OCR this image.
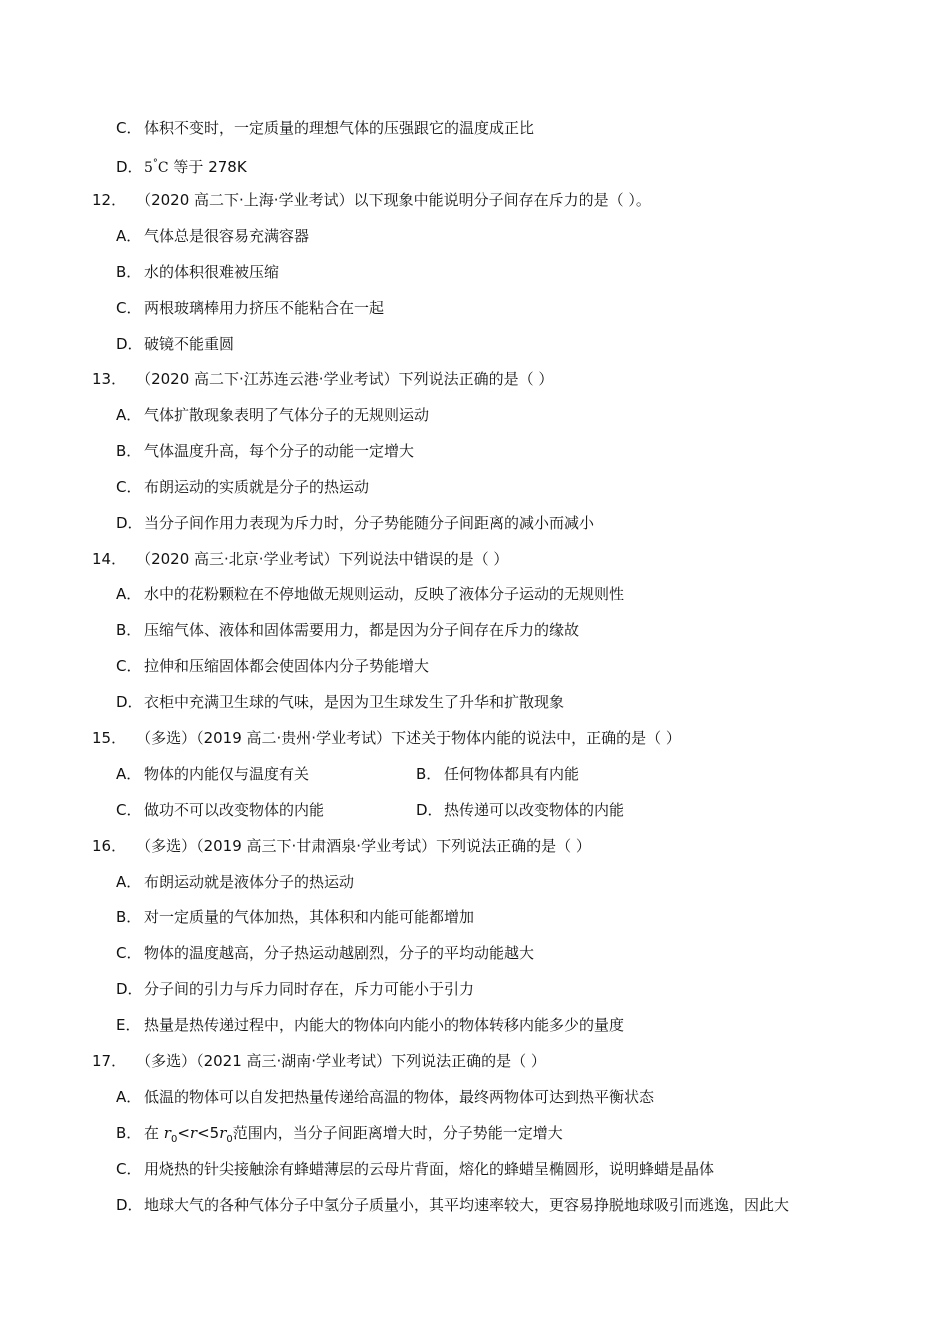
C． 体积不变时，一定质量的理想气体的压强跟它的温度成正比
D．5°C 等于 278K
12． （2020 高二下·上海·学业考试）以下现象中能说明分子间存在斥力的是（ ）。
A． 气体总是很容易充满容器
B． 水的体积很难被压缩
C． 两根玻璃棒用力挤压不能粘合在一起
D．破镜不能重圆
13． （2020 高二下·江苏连云港·学业考试）下列说法正确的是（ ）
A． 气体扩散现象表明了气体分子的无规则运动
B． 气体温度升高，每个分子的动能一定增大
C． 布朗运动的实质就是分子的热运动
D．当分子间作用力表现为斥力时，分子势能随分子间距离的减小而减小
14． （2020 高三·北京·学业考试）下列说法中错误的是（ ）
A． 水中的花粉颗粒在不停地做无规则运动，反映了液体分子运动的无规则性
B． 压缩气体、液体和固体需要用力，都是因为分子间存在斥力的缘故
C． 拉伸和压缩固体都会使固体内分子势能增大
D．衣柜中充满卫生球的气味，是因为卫生球发生了升华和扩散现象
15． （多选）（2019 高二·贵州·学业考试）下述关于物体内能的说法中，正确的是（ ）
A． 物体的内能仅与温度有关	B． 任何物体都具有内能
C． 做功不可以改变物体的内能	D．热传递可以改变物体的内能
16． （多选）（2019 高三下·甘肃酒泉·学业考试）下列说法正确的是（ ）
A． 布朗运动就是液体分子的热运动
B． 对一定质量的气体加热，其体积和内能可能都增加
C． 物体的温度越高，分子热运动越剧烈，分子的平均动能越大
D．分子间的引力与斥力同时存在，斥力可能小于引力
E． 热量是热传递过程中，内能大的物体向内能小的物体转移内能多少的量度
17． （多选）（2021 高三·湖南·学业考试）下列说法正确的是（ ）
A． 低温的物体可以自发把热量传递给高温的物体，最终两物体可达到热平衡状态
B． 在 $r_0<r<5r_0$范围内，当分子间距离增大时，分子势能一定增大
C． 用烧热的针尖接触涂有蜂蜡薄层的云母片背面，熔化的蜂蜡呈椭圆形，说明蜂蜡是晶体
D．地球大气的各种气体分子中氢分子质量小，其平均速率较大，更容易挣脱地球吸引而逃逸，因此大
